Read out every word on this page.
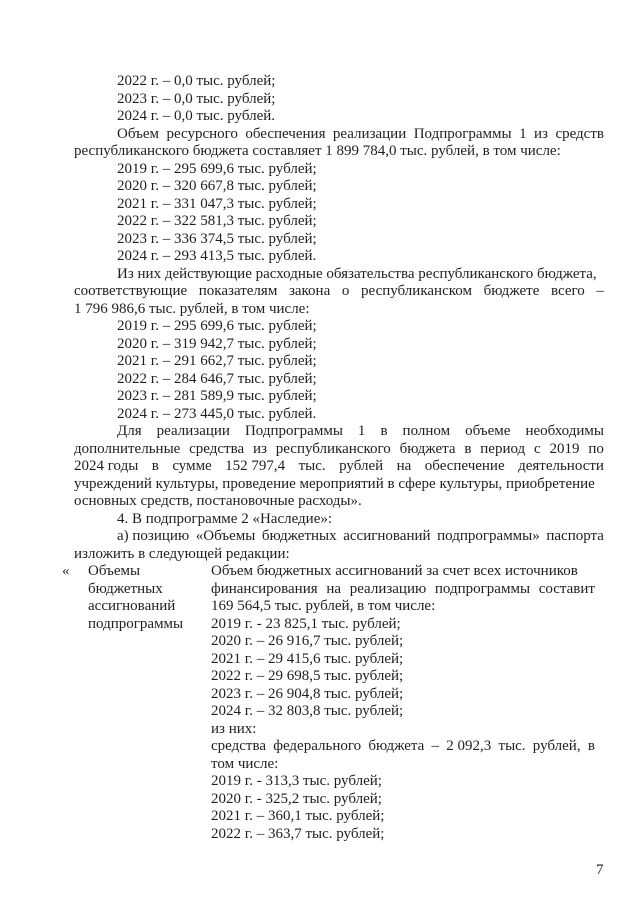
2022 г. – 0,0 тыс. рублей;
2023 г. – 0,0 тыс. рублей;
2024 г. – 0,0 тыс. рублей.
Объем ресурсного обеспечения реализации Подпрограммы 1 из средств
республиканского бюджета составляет 1 899 784,0 тыс. рублей, в том числе:
2019 г. – 295 699,6 тыс. рублей;
2020 г. – 320 667,8 тыс. рублей;
2021 г. – 331 047,3 тыс. рублей;
2022 г. – 322 581,3 тыс. рублей;
2023 г. – 336 374,5 тыс. рублей;
2024 г. – 293 413,5 тыс. рублей.
Из них действующие расходные обязательства республиканского бюджета,
соответствующие показателям закона о республиканском бюджете всего –
1 796 986,6 тыс. рублей, в том числе:
2019 г. – 295 699,6 тыс. рублей;
2020 г. – 319 942,7 тыс. рублей;
2021 г. – 291 662,7 тыс. рублей;
2022 г. – 284 646,7 тыс. рублей;
2023 г. – 281 589,9 тыс. рублей;
2024 г. – 273 445,0 тыс. рублей.
Для реализации Подпрограммы 1 в полном объеме необходимы
дополнительные средства из республиканского бюджета в период с 2019 по
2024 годы в сумме 152 797,4 тыс. рублей на обеспечение деятельности
учреждений культуры, проведение мероприятий в сфере культуры, приобретение
основных средств, постановочные расходы».
4. В подпрограмме 2 «Наследие»:
а) позицию «Объемы бюджетных ассигнований подпрограммы» паспорта
изложить в следующей редакции:
« Объемы
бюджетных
ассигнований
подпрограммы
Объем бюджетных ассигнований за счет всех источников
финансирования на реализацию подпрограммы составит
169 564,5 тыс. рублей, в том числе:
2019 г. - 23 825,1 тыс. рублей;
2020 г. – 26 916,7 тыс. рублей;
2021 г. – 29 415,6 тыс. рублей;
2022 г. – 29 698,5 тыс. рублей;
2023 г. – 26 904,8 тыс. рублей;
2024 г. – 32 803,8 тыс. рублей;
из них:
средства федерального бюджета – 2 092,3 тыс. рублей, в
том числе:
2019 г. - 313,3 тыс. рублей;
2020 г. - 325,2 тыс. рублей;
2021 г. – 360,1 тыс. рублей;
2022 г. – 363,7 тыс. рублей;
7
